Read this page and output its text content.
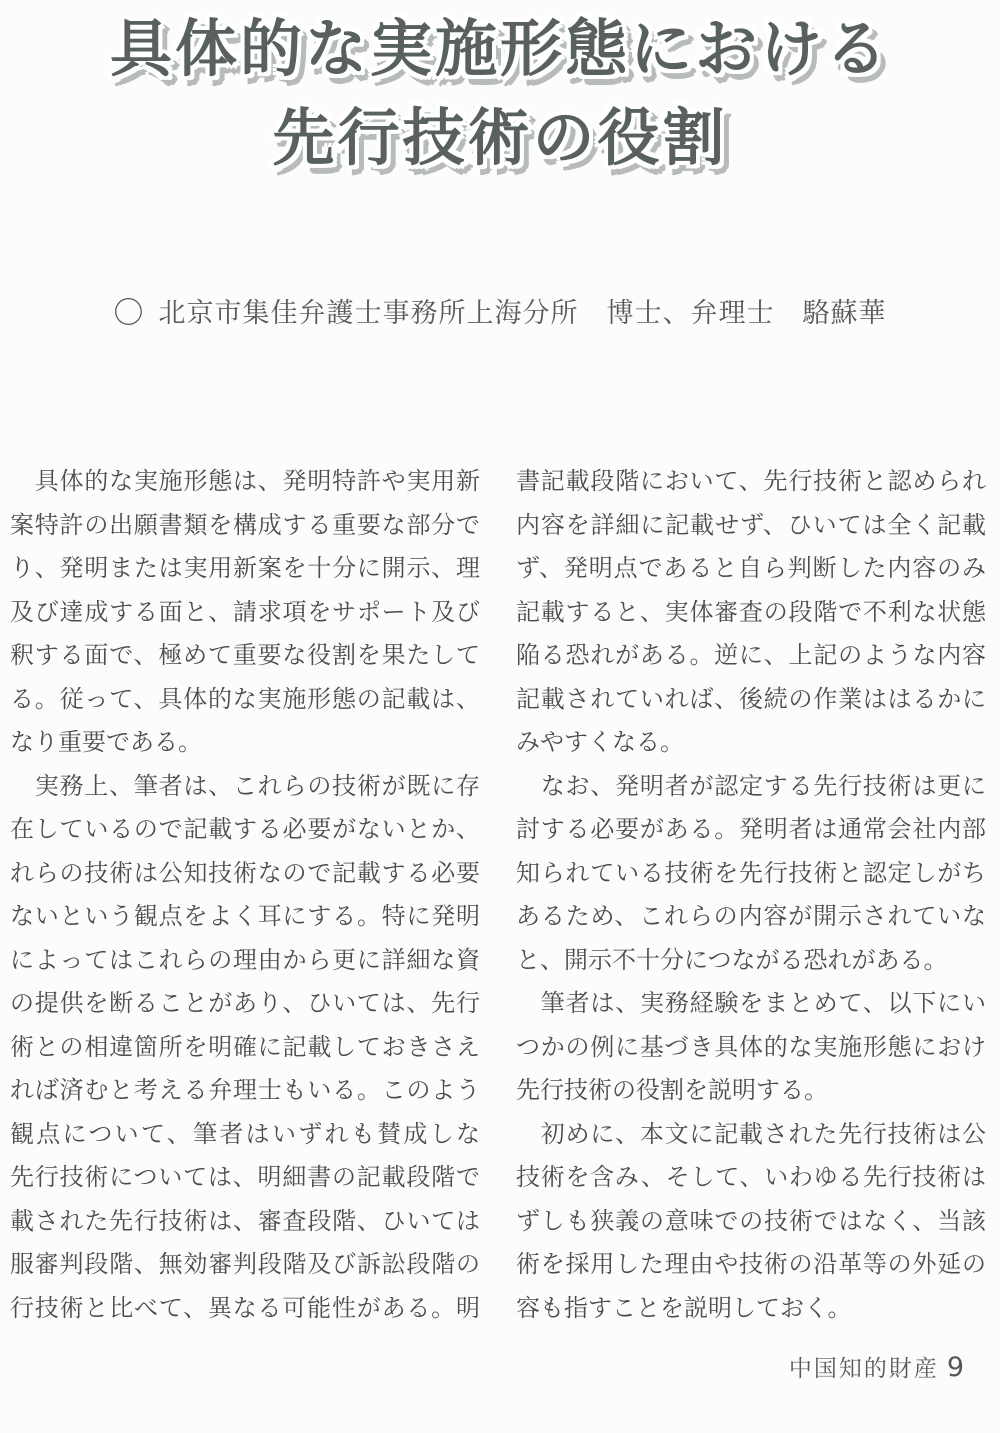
具体的な実施形態における
先行技術の役割
〇 北京市集佳弁護士事務所上海分所　博士、弁理士　駱蘇華
　具体的な実施形態は、発明特許や実用新
案特許の出願書類を構成する重要な部分で
り、発明または実用新案を十分に開示、理
及び達成する面と、請求項をサポート及び
釈する面で、極めて重要な役割を果たして
る。従って、具体的な実施形態の記載は、
なり重要である。
　実務上、筆者は、これらの技術が既に存
在しているので記載する必要がないとか、
れらの技術は公知技術なので記載する必要
ないという観点をよく耳にする。特に発明
によってはこれらの理由から更に詳細な資
の提供を断ることがあり、ひいては、先行
術との相違箇所を明確に記載しておきさえ
れば済むと考える弁理士もいる。このよう
観点について、筆者はいずれも賛成しな
先行技術については、明細書の記載段階で
載された先行技術は、審査段階、ひいては
服審判段階、無効審判段階及び訴訟段階の
行技術と比べて、異なる可能性がある。明
書記載段階において、先行技術と認められ
内容を詳細に記載せず、ひいては全く記載
ず、発明点であると自ら判断した内容のみ
記載すると、実体審査の段階で不利な状態
陥る恐れがある。逆に、上記のような内容
記載されていれば、後続の作業ははるかに
みやすくなる。
　なお、発明者が認定する先行技術は更に
討する必要がある。発明者は通常会社内部
知られている技術を先行技術と認定しがち
あるため、これらの内容が開示されていな
と、開示不十分につながる恐れがある。
　筆者は、実務経験をまとめて、以下にい
つかの例に基づき具体的な実施形態におけ
先行技術の役割を説明する。
　初めに、本文に記載された先行技術は公
技術を含み、そして、いわゆる先行技術は
ずしも狭義の意味での技術ではなく、当該
術を採用した理由や技術の沿革等の外延の
容も指すことを説明しておく。
中国知的財産 9
